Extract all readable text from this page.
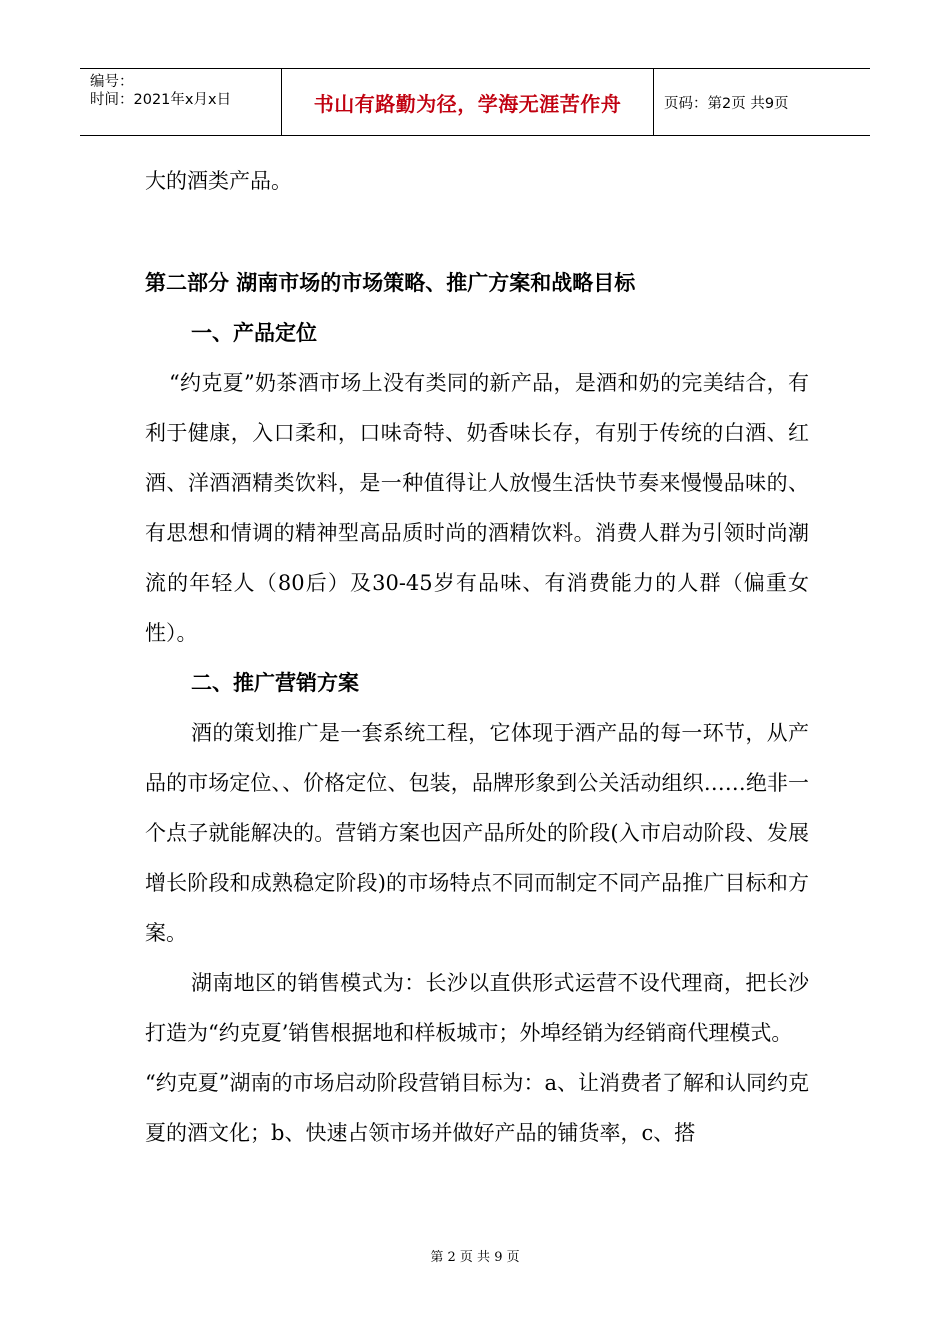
编号：
时间：2021年x月x日	书山有路勤为径，学海无涯苦作舟	页码：第2页 共9页

大的酒类产品。

第二部分 湖南市场的市场策略、推广方案和战略目标

一、产品定位

“约克夏”奶茶酒市场上没有类同的新产品，是酒和奶的完美结合，有利于健康，入口柔和，口味奇特、奶香味长存，有别于传统的白酒、红酒、洋酒酒精类饮料，是一种值得让人放慢生活快节奏来慢慢品味的、有思想和情调的精神型高品质时尚的酒精饮料。消费人群为引领时尚潮流的年轻人（80后）及30-45岁有品味、有消费能力的人群（偏重女性）。

二、推广营销方案

酒的策划推广是一套系统工程，它体现于酒产品的每一环节，从产品的市场定位、、价格定位、包装，品牌形象到公关活动组织……绝非一个点子就能解决的。营销方案也因产品所处的阶段(入市启动阶段、发展增长阶段和成熟稳定阶段)的市场特点不同而制定不同产品推广目标和方案。

湖南地区的销售模式为：长沙以直供形式运营不设代理商，把长沙打造为“约克夏’销售根据地和样板城市；外埠经销为经销商代理模式。

“约克夏”湖南的市场启动阶段营销目标为：a、让消费者了解和认同约克夏的酒文化；b、快速占领市场并做好产品的铺货率，c、搭

第 2 页 共 9 页
